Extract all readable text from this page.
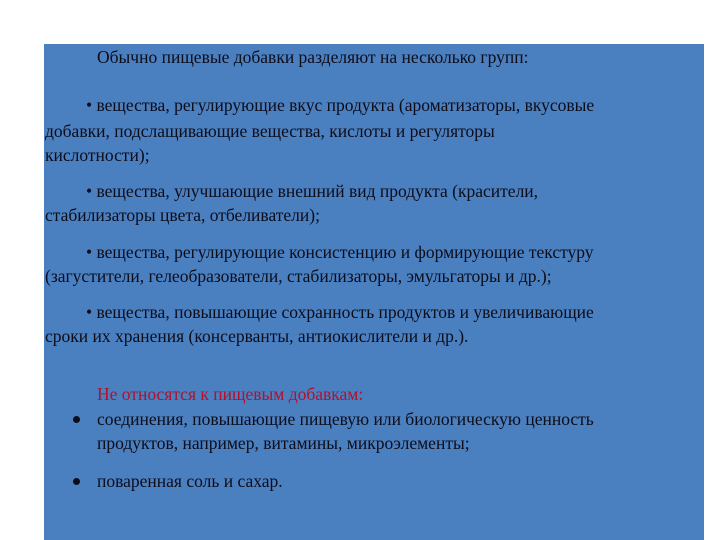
Обычно пищевые добавки разделяют на несколько групп:

• вещества, регулирующие вкус продукта (ароматизаторы, вкусовые

добавки, подслащивающие вещества, кислоты и регуляторы

кислотности);

• вещества, улучшающие внешний вид продукта (красители,

стабилизаторы цвета, отбеливатели);

• вещества, регулирующие консистенцию и формирующие текстуру

(загустители, гелеобразователи, стабилизаторы, эмульгаторы и др.);

• вещества, повышающие сохранность продуктов и увеличивающие

сроки их хранения (консерванты, антиокислители и др.).

Не относятся к пищевым добавкам:

соединения, повышающие пищевую или биологическую ценность

продуктов, например, витамины, микроэлементы;

поваренная соль и сахар.
